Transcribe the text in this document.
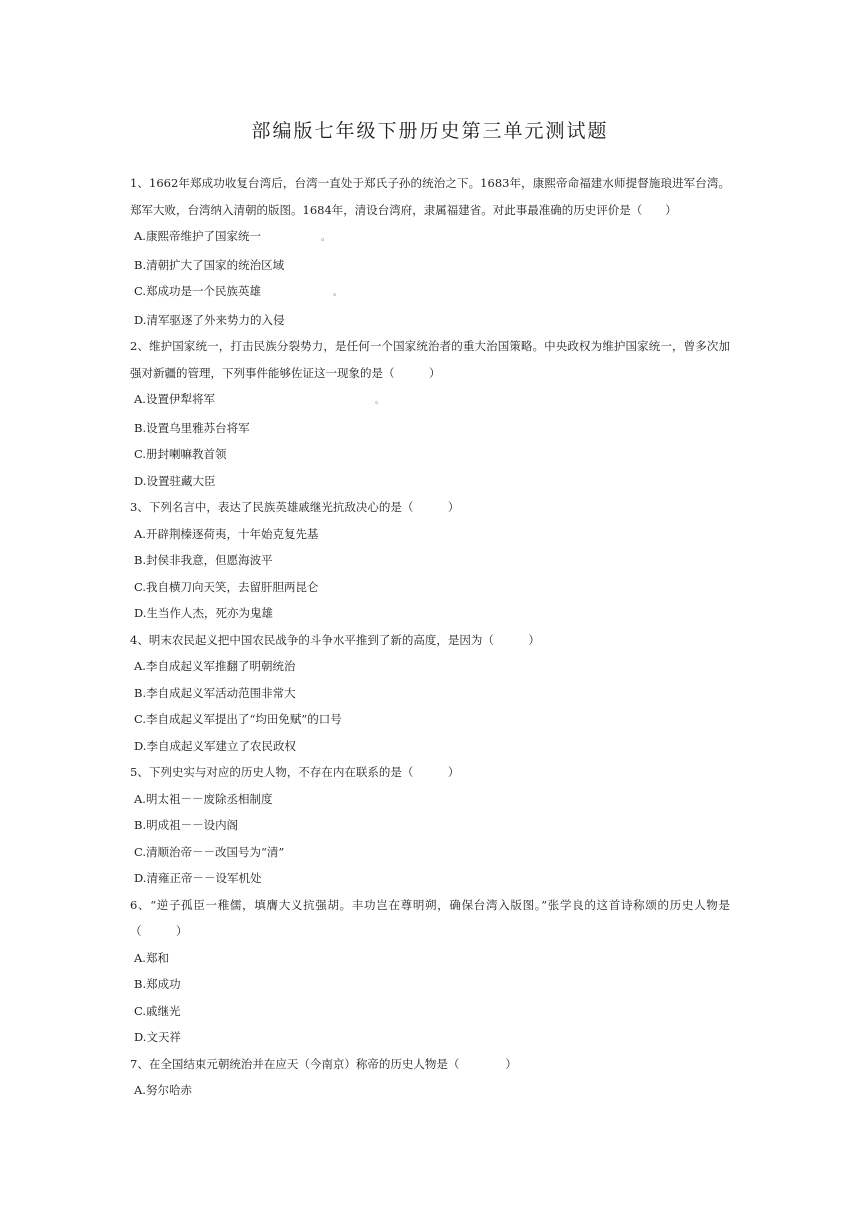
部编版七年级下册历史第三单元测试题

1、1662年郑成功收复台湾后，台湾一直处于郑氏子孙的统治之下。1683年，康熙帝命福建水师提督施琅进军台湾。郑军大败，台湾纳入清朝的版图。1684年，清设台湾府，隶属福建省。对此事最准确的历史评价是（　　）

A.康熙帝维护了国家统一	。

B.清朝扩大了国家的统治区域

C.郑成功是一个民族英雄	。

D.清军驱逐了外来势力的入侵

2、维护国家统一，打击民族分裂势力，是任何一个国家统治者的重大治国策略。中央政权为维护国家统一，曾多次加强对新疆的管理，下列事件能够佐证这一现象的是（　　　）

A.设置伊犁将军	。

B.设置乌里雅苏台将军

C.册封喇嘛教首领

D.设置驻藏大臣

3、下列名言中，表达了民族英雄戚继光抗敌决心的是（　　　）

A.开辟荆榛逐荷夷，十年始克复先基

B.封侯非我意，但愿海波平

C.我自横刀向天笑，去留肝胆两昆仑

D.生当作人杰，死亦为鬼雄

4、明末农民起义把中国农民战争的斗争水平推到了新的高度，是因为（　　　）

A.李自成起义军推翻了明朝统治

B.李自成起义军活动范围非常大

C.李自成起义军提出了“均田免赋”的口号

D.李自成起义军建立了农民政权

5、下列史实与对应的历史人物，不存在内在联系的是（　　　）

A.明太祖－－废除丞相制度

B.明成祖－－设内阁

C.清顺治帝－－改国号为“清”

D.清雍正帝－－设军机处

6、“逆子孤臣一稚儒，填膺大义抗强胡。丰功岂在尊明朔，确保台湾入版图。”张学良的这首诗称颂的历史人物是（　　　）

A.郑和

B.郑成功

C.戚继光

D.文天祥

7、在全国结束元朝统治并在应天（今南京）称帝的历史人物是（　　　　）

A.努尔哈赤
